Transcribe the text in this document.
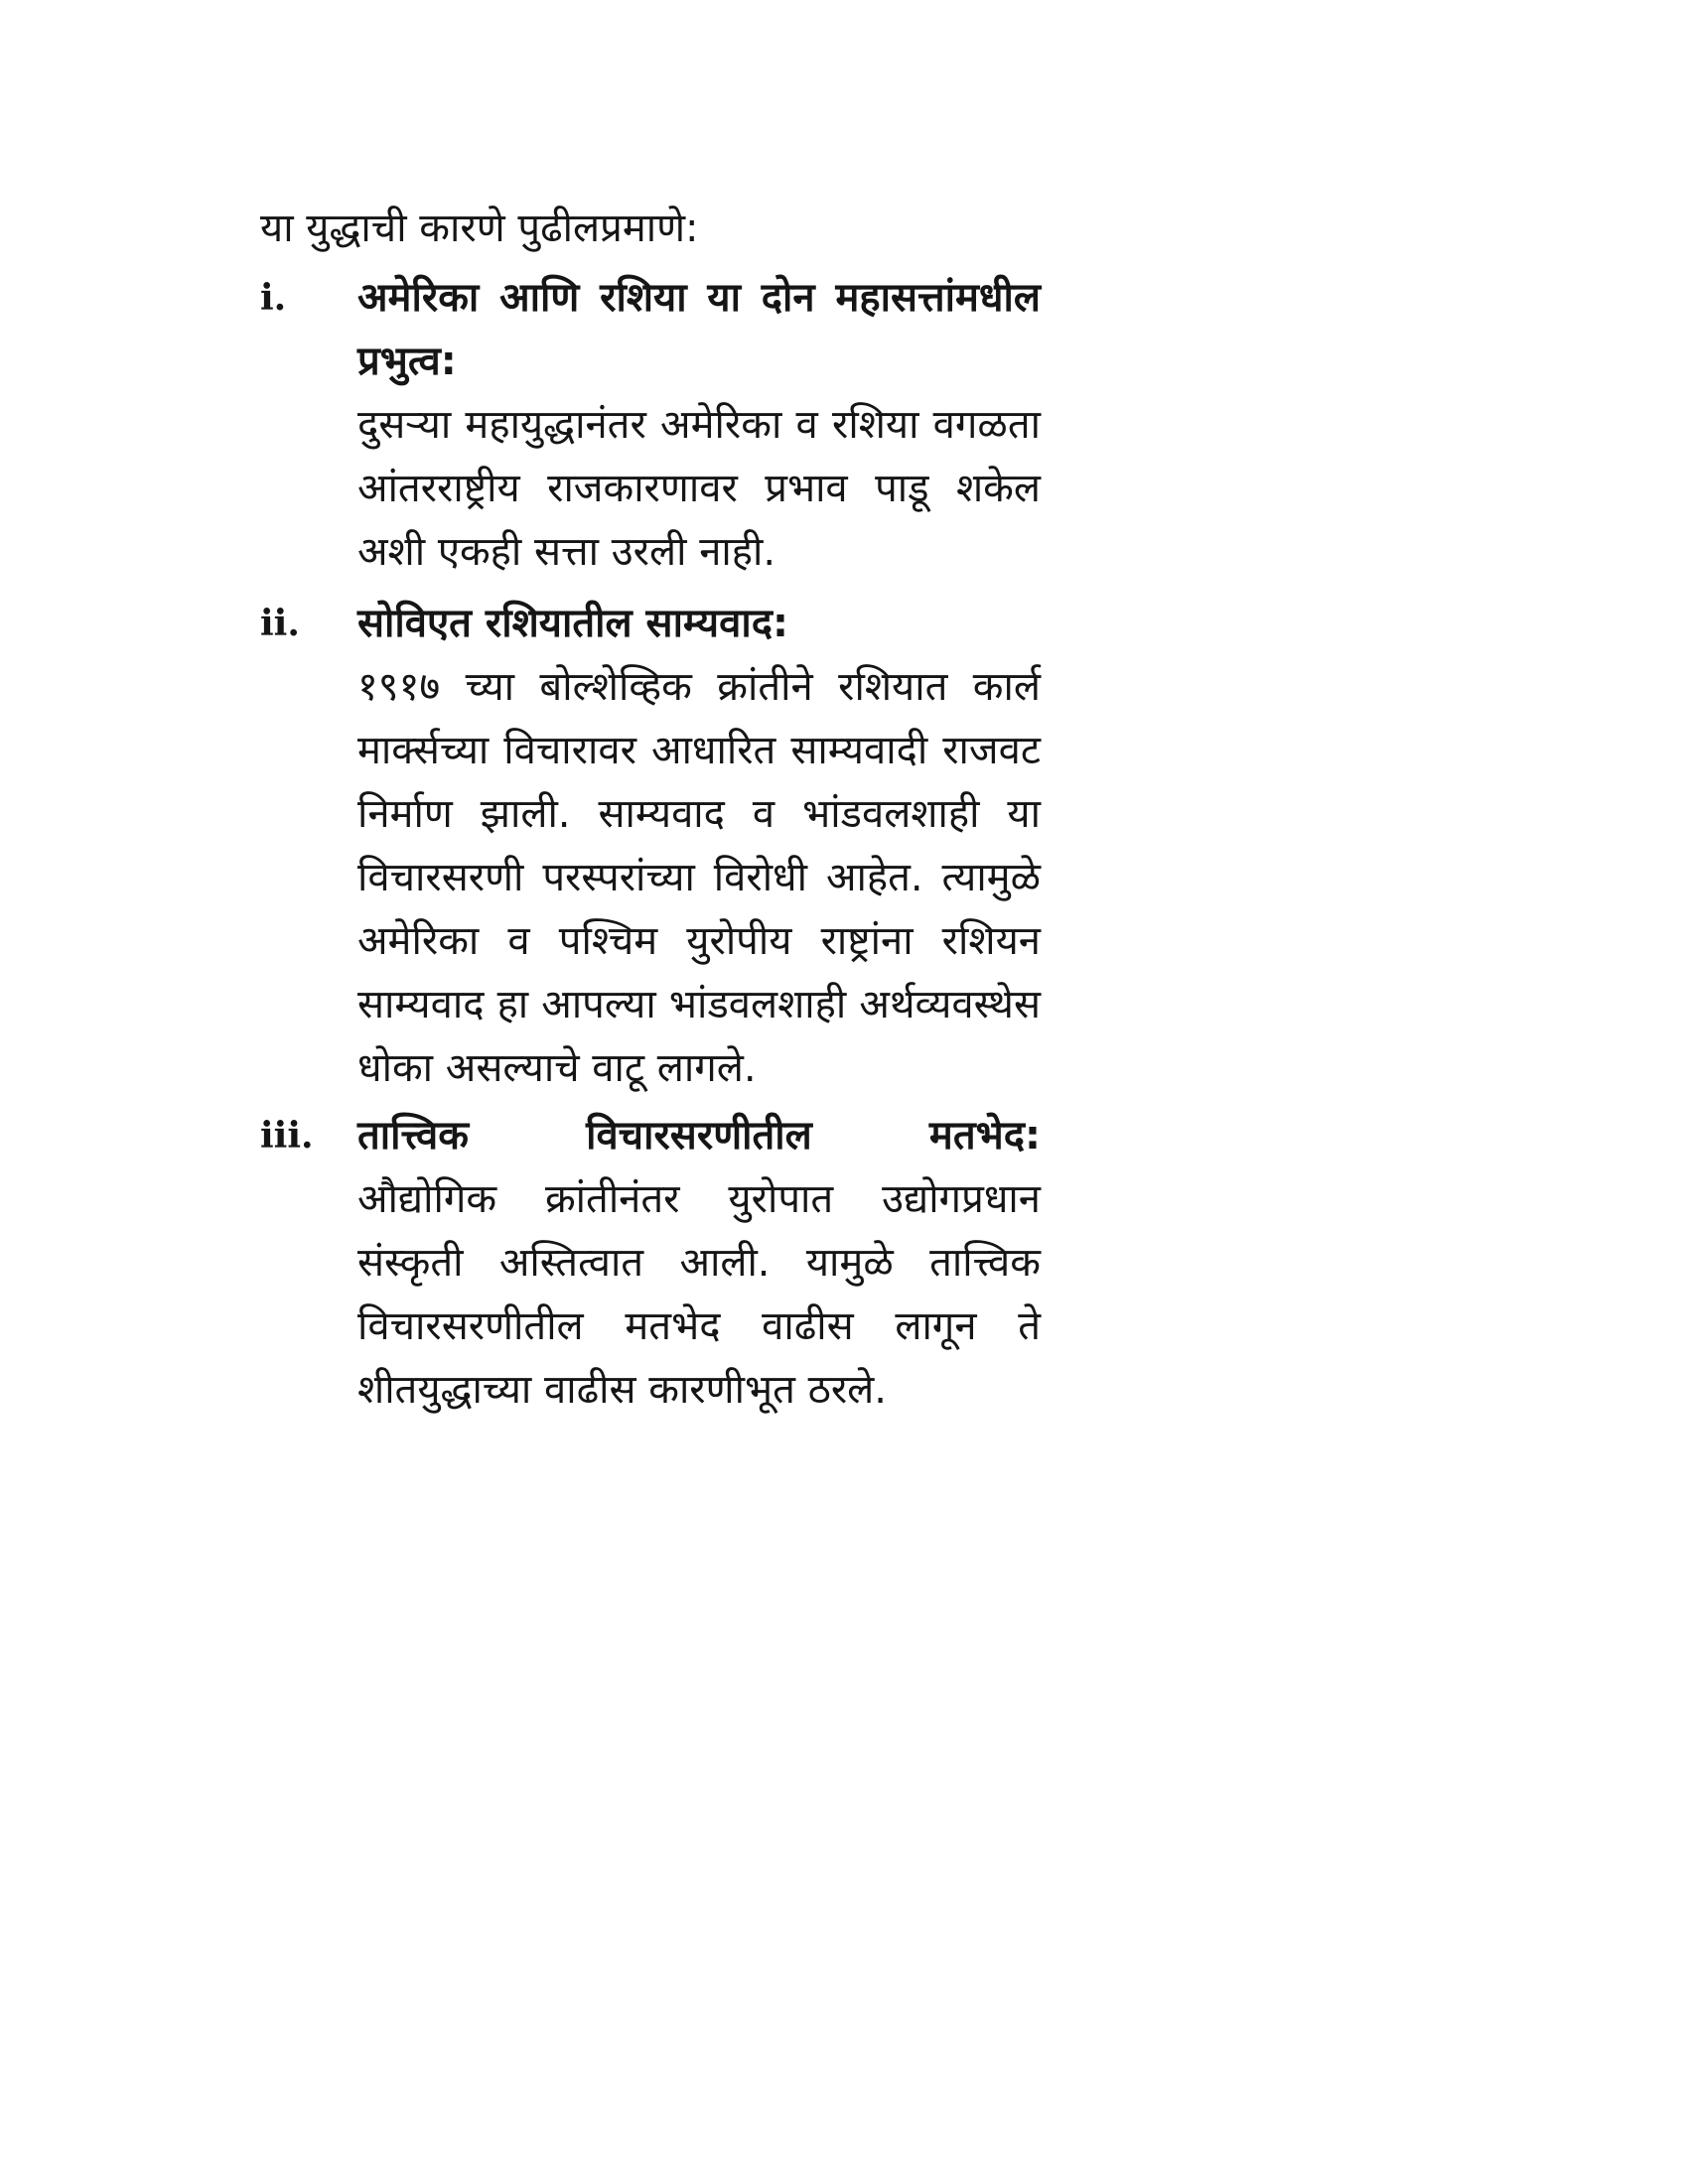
या युद्धाची कारणे पुढीलप्रमाणे:
i.	अमेरिका आणि रशिया या दोन महासत्तांमधील प्रभुत्व:
दुसऱ्या महायुद्धानंतर अमेरिका व रशिया वगळता आंतरराष्ट्रीय राजकारणावर प्रभाव पाडू शकेल अशी एकही सत्ता उरली नाही.
ii.	सोविएत रशियातील साम्यवाद:
१९१७ च्या बोल्शेव्हिक क्रांतीने रशियात कार्ल मार्क्सच्या विचारावर आधारित साम्यवादी राजवट निर्माण झाली. साम्यवाद व भांडवलशाही या विचारसरणी परस्परांच्या विरोधी आहेत. त्यामुळे अमेरिका व पश्चिम युरोपीय राष्ट्रांना रशियन साम्यवाद हा आपल्या भांडवलशाही अर्थव्यवस्थेस धोका असल्याचे वाटू लागले.
iii.	तात्त्विक विचारसरणीतील मतभेद:
औद्योगिक क्रांतीनंतर युरोपात उद्योगप्रधान संस्कृती अस्तित्वात आली. यामुळे तात्त्विक विचारसरणीतील मतभेद वाढीस लागून ते शीतयुद्धाच्या वाढीस कारणीभूत ठरले.
